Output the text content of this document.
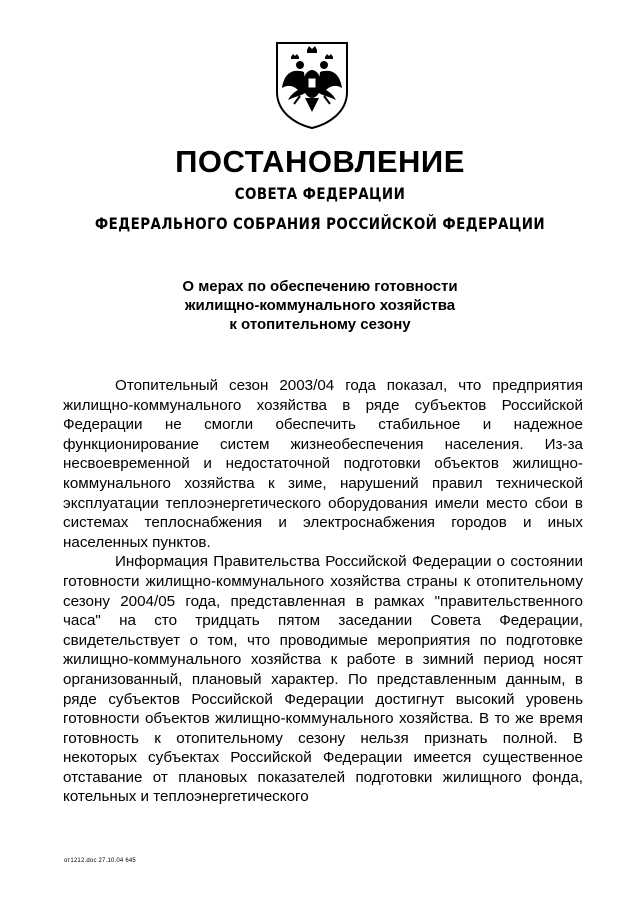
ПОСТАНОВЛЕНИЕ
СОВЕТА ФЕДЕРАЦИИ
ФЕДЕРАЛЬНОГО СОБРАНИЯ РОССИЙСКОЙ ФЕДЕРАЦИИ
О мерах по обеспечению готовности
жилищно-коммунального хозяйства
к отопительному сезону

Отопительный сезон 2003/04 года показал, что предприятия жилищно-коммунального хозяйства в ряде субъектов Российской Федерации не смогли обеспечить стабильное и надежное функционирование систем жизнеобеспечения населения. Из-за несвоевременной и недостаточной подготовки объектов жилищно-коммунального хозяйства к зиме, нарушений правил технической эксплуатации теплоэнергетического оборудования имели место сбои в системах теплоснабжения и электроснабжения городов и иных населенных пунктов.

Информация Правительства Российской Федерации о состоянии готовности жилищно-коммунального хозяйства страны к отопительному сезону 2004/05 года, представленная в рамках "правительственного часа" на сто тридцать пятом заседании Совета Федерации, свидетельствует о том, что проводимые мероприятия по подготовке жилищно-коммунального хозяйства к работе в зимний период носят организованный, плановый характер. По представленным данным, в ряде субъектов Российской Федерации достигнут высокий уровень готовности объектов жилищно-коммунального хозяйства. В то же время готовность к отопительному сезону нельзя признать полной. В некоторых субъектах Российской Федерации имеется существенное отставание от плановых показателей подготовки жилищного фонда, котельных и теплоэнергетического

от1212.doc 27.10.04 645
